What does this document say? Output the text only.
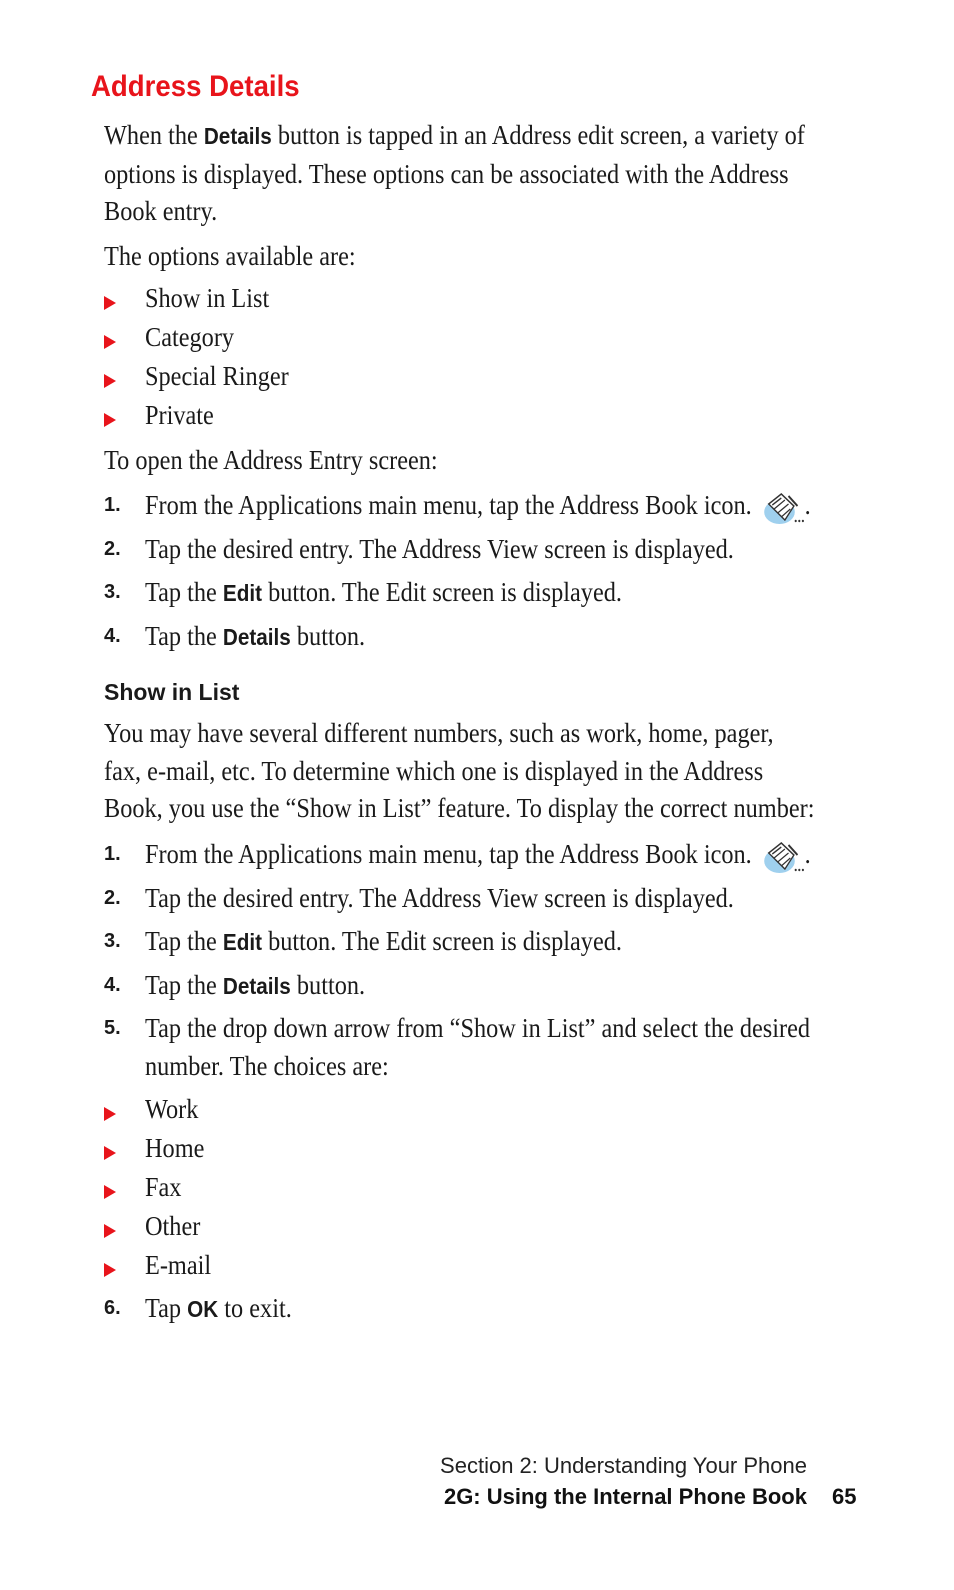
Address Details

When the Details button is tapped in an Address edit screen, a variety of options is displayed. These options can be associated with the Address Book entry.

The options available are:

Show in List

Category

Special Ringer

Private

To open the Address Entry screen:

1. From the Applications main menu, tap the Address Book icon. .

2. Tap the desired entry. The Address View screen is displayed.

3. Tap the Edit button. The Edit screen is displayed.

4. Tap the Details button.

Show in List

You may have several different numbers, such as work, home, pager, fax, e-mail, etc. To determine which one is displayed in the Address Book, you use the “Show in List” feature. To display the correct number:

1. From the Applications main menu, tap the Address Book icon. .

2. Tap the desired entry. The Address View screen is displayed.

3. Tap the Edit button. The Edit screen is displayed.

4. Tap the Details button.

5. Tap the drop down arrow from “Show in List” and select the desired

number. The choices are:

Work

Home

Fax

Other

E-mail

6. Tap OK to exit.

Section 2: Understanding Your Phone

2G: Using the Internal Phone Book 65
